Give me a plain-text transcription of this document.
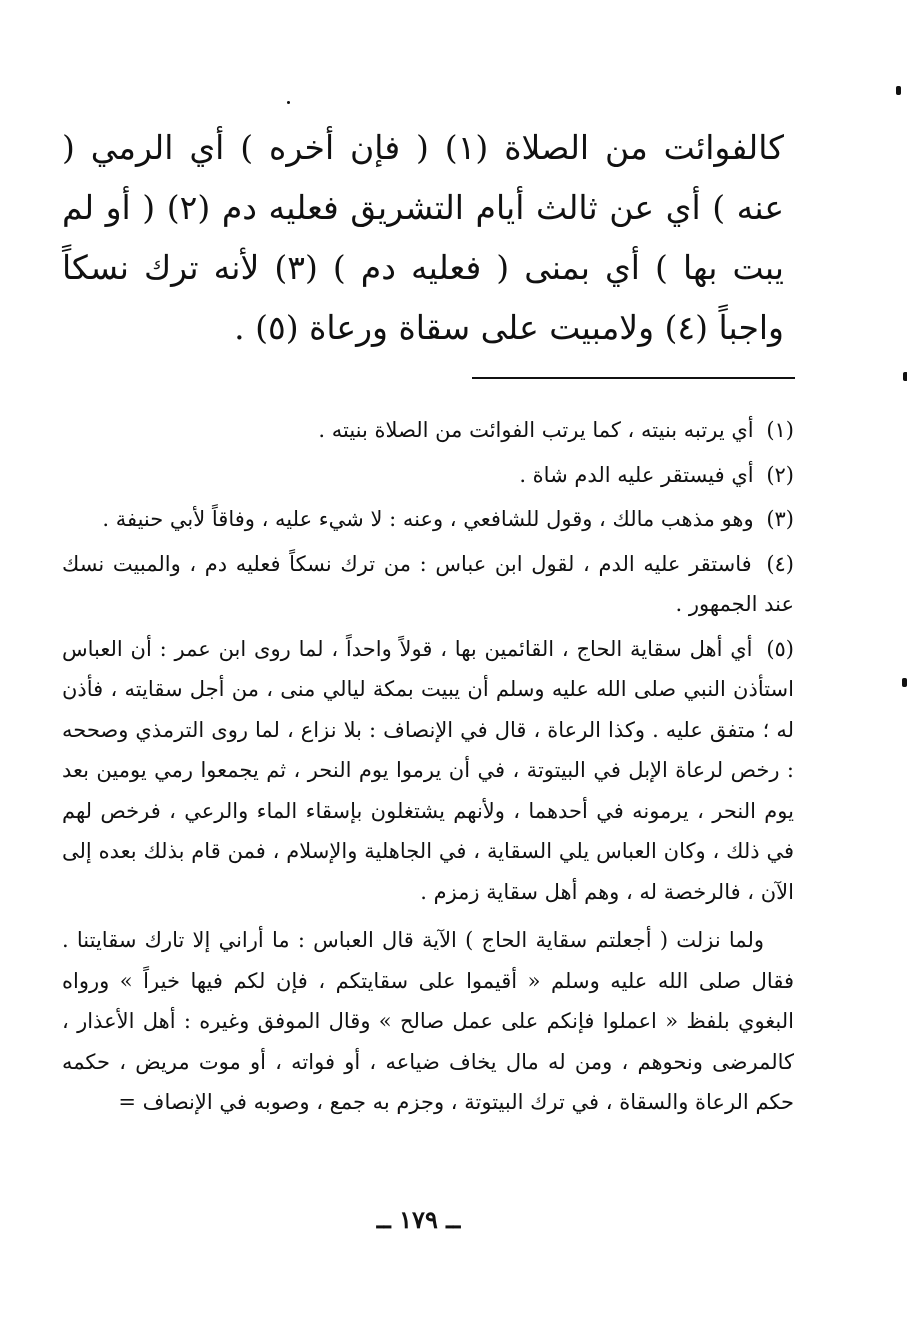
كالفوائت من الصلاة (١) ( فإن أخره ) أي الرمي ( عنه ) أي عن ثالث أيام التشريق فعليه دم (٢) ( أو لم يبت بها ) أي بمنى ( فعليه دم ) (٣) لأنه ترك نسكاً واجباً (٤) ولامبيت على سقاة ورعاة (٥) .

(١) أي يرتبه بنيته ، كما يرتب الفوائت من الصلاة بنيته .

(٢) أي فيستقر عليه الدم شاة .

(٣) وهو مذهب مالك ، وقول للشافعي ، وعنه : لا شيء عليه ، وفاقاً لأبي حنيفة .

(٤) فاستقر عليه الدم ، لقول ابن عباس : من ترك نسكاً فعليه دم ، والمبيت نسك عند الجمهور .

(٥) أي أهل سقاية الحاج ، القائمين بها ، قولاً واحداً ، لما روى ابن عمر : أن العباس استأذن النبي صلى الله عليه وسلم أن يبيت بمكة ليالي منى ، من أجل سقايته ، فأذن له ؛ متفق عليه . وكذا الرعاة ، قال في الإنصاف : بلا نزاع ، لما روى الترمذي وصححه : رخص لرعاة الإبل في البيتوتة ، في أن يرموا يوم النحر ، ثم يجمعوا رمي يومين بعد يوم النحر ، يرمونه في أحدهما ، ولأنهم يشتغلون بإسقاء الماء والرعي ، فرخص لهم في ذلك ، وكان العباس يلي السقاية ، في الجاهلية والإسلام ، فمن قام بذلك بعده إلى الآن ، فالرخصة له ، وهم أهل سقاية زمزم .

ولما نزلت ( أجعلتم سقاية الحاج ) الآية قال العباس : ما أراني إلا تارك سقايتنا . فقال صلى الله عليه وسلم « أقيموا على سقايتكم ، فإن لكم فيها خيراً » ورواه البغوي بلفظ « اعملوا فإنكم على عمل صالح » وقال الموفق وغيره : أهل الأعذار ، كالمرضى ونحوهم ، ومن له مال يخاف ضياعه ، أو فواته ، أو موت مريض ، حكمه حكم الرعاة والسقاة ، في ترك البيتوتة ، وجزم به جمع ، وصوبه في الإنصاف =

ــ ١٧٩ ــ
